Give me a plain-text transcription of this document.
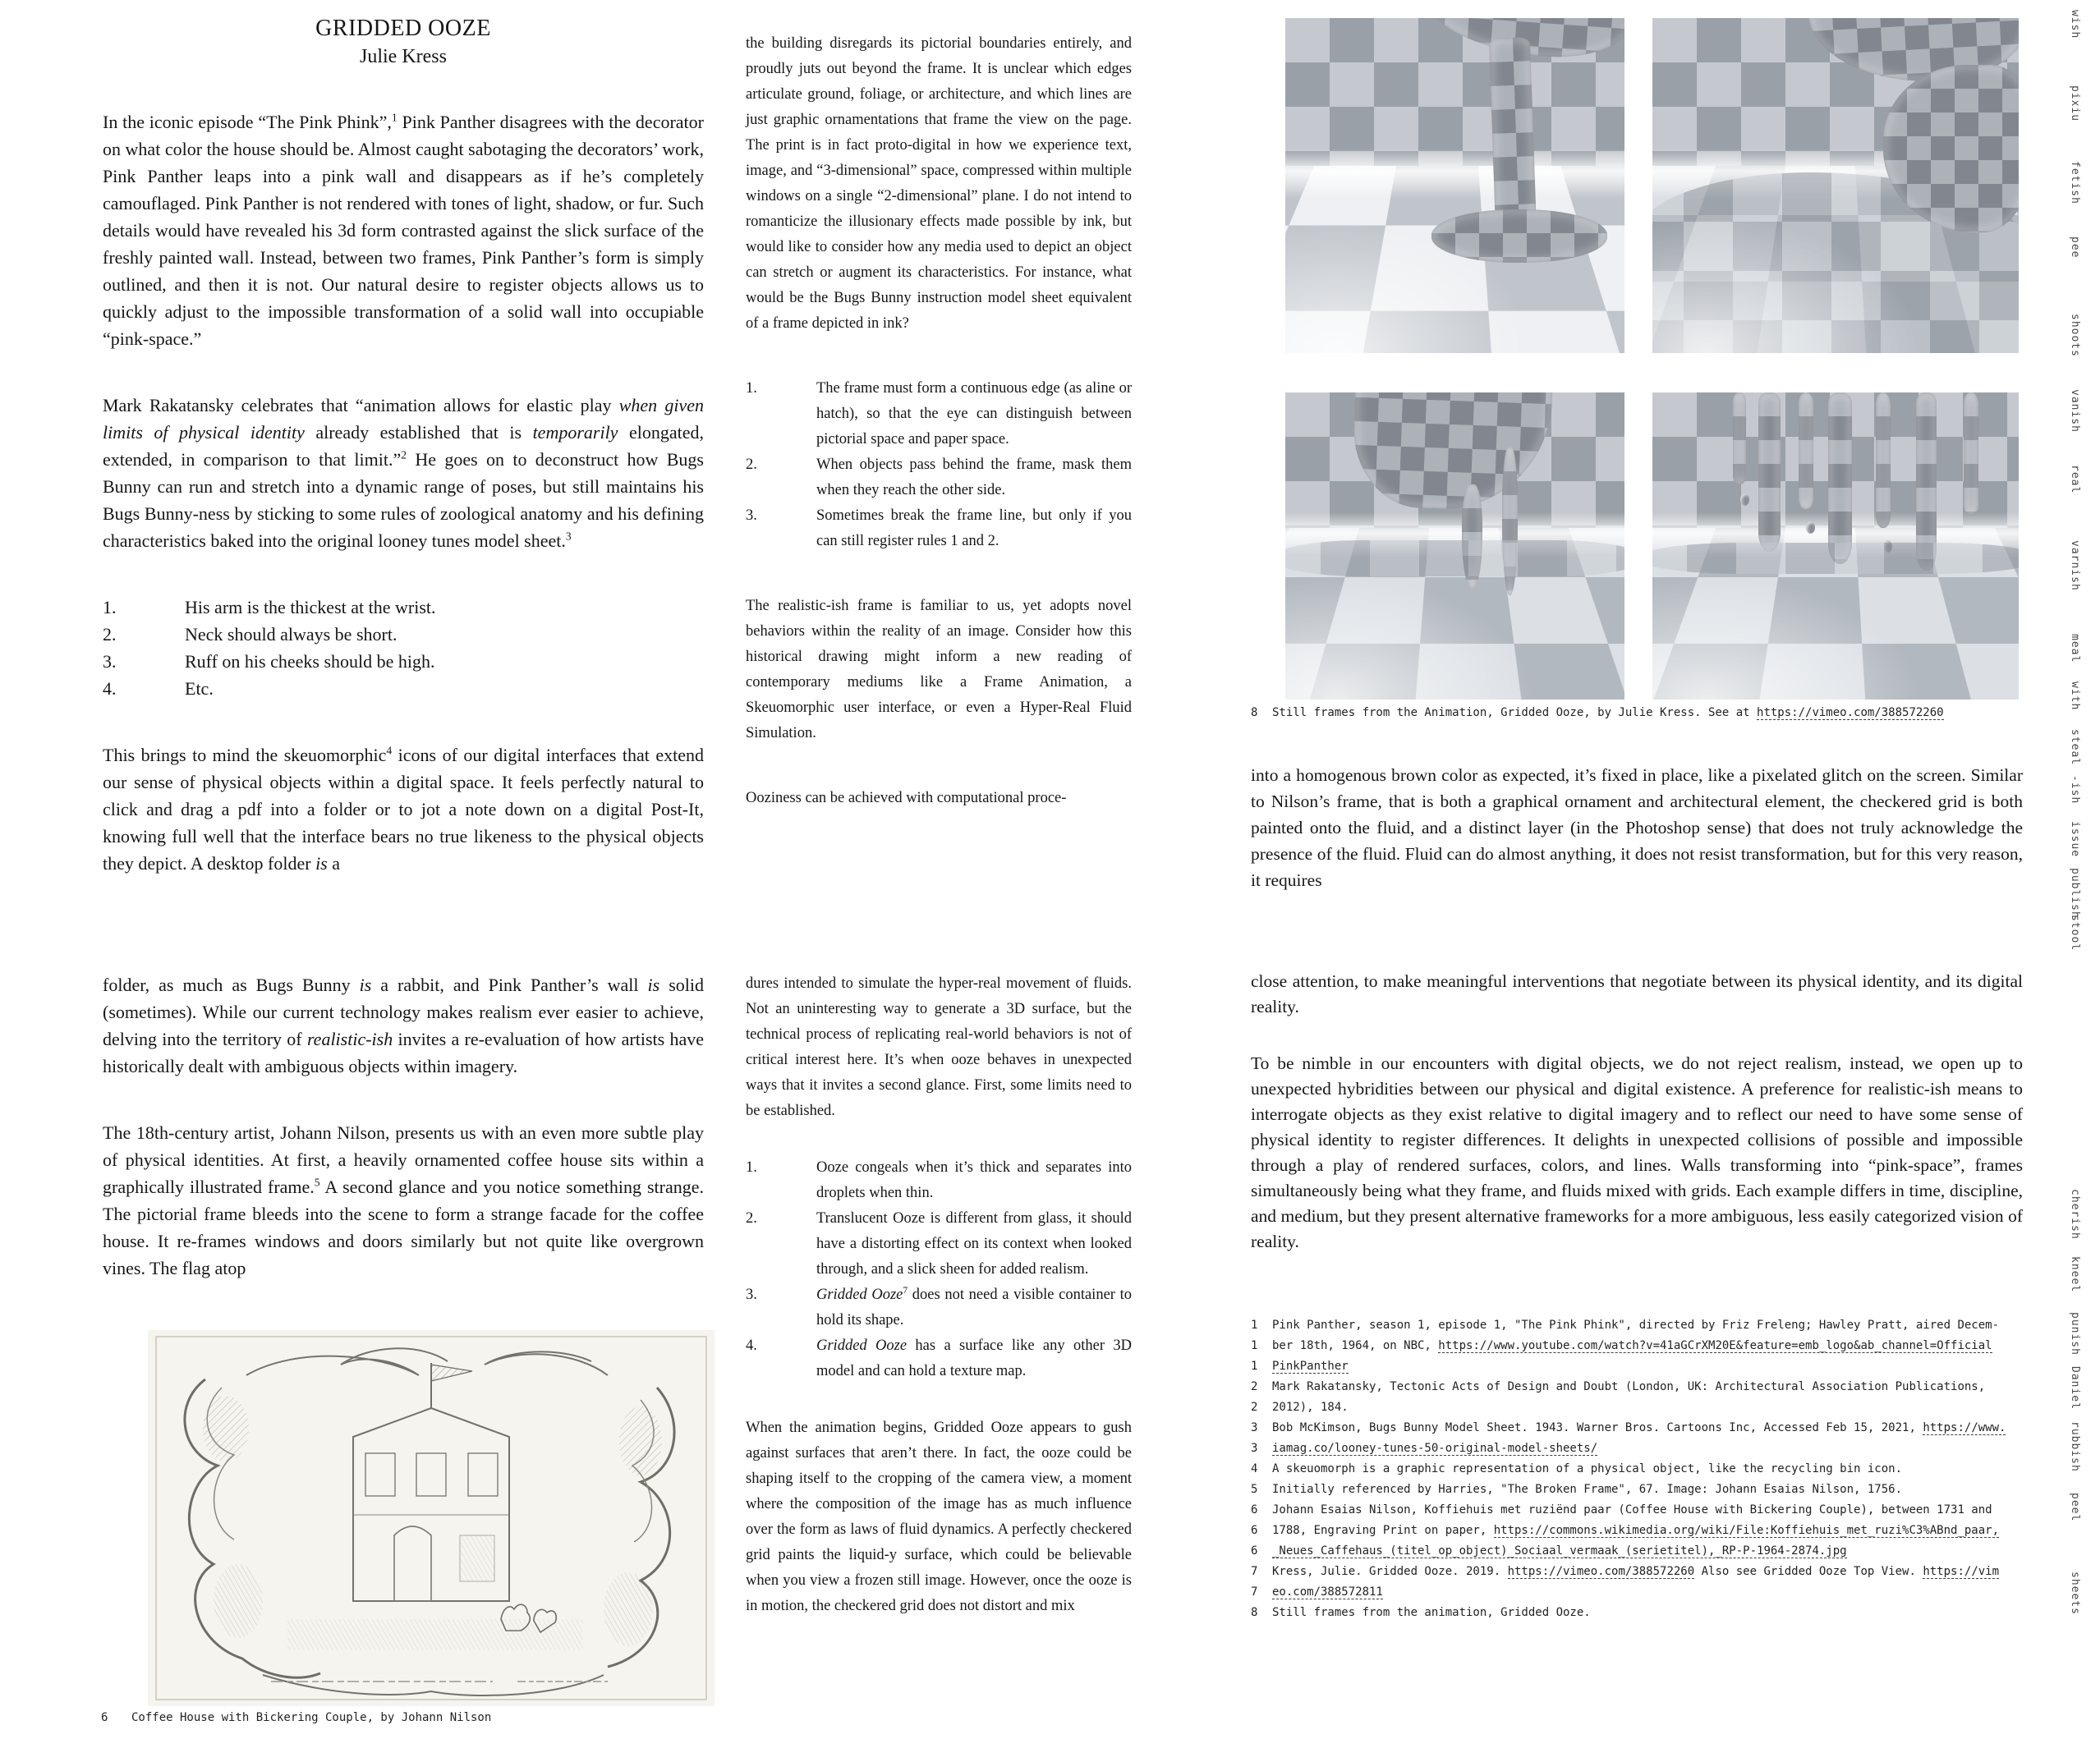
GRIDDED OOZE
Julie Kress

In the iconic episode “The Pink Phink”,$^1$ Pink Panther disagrees with the decorator on what color the house should be. Almost caught sabotaging the decorators’ work, Pink Panther leaps into a pink wall and disappears as if he’s completely camouflaged. Pink Panther is not rendered with tones of light, shadow, or fur. Such details would have revealed his 3d form contrasted against the slick surface of the freshly painted wall. Instead, between two frames, Pink Panther’s form is simply outlined, and then it is not. Our natural desire to register objects allows us to quickly adjust to the impossible transformation of a solid wall into occupiable “pink-space.”

Mark Rakatansky celebrates that “animation allows for elastic play when given limits of physical identity already established that is temporarily elongated, extended, in comparison to that limit.”$^2$ He goes on to deconstruct how Bugs Bunny can run and stretch into a dynamic range of poses, but still maintains his Bugs Bunny-ness by sticking to some rules of zoological anatomy and his defining characteristics baked into the original looney tunes model sheet.$^3$

1.	His arm is the thickest at the wrist.
2.	Neck should always be short.
3.	Ruff on his cheeks should be high.
4.	Etc.

This brings to mind the skeuomorphic$^4$ icons of our digital interfaces that extend our sense of physical objects within a digital space. It feels perfectly natural to click and drag a pdf into a folder or to jot a note down on a digital Post-It, knowing full well that the interface bears no true likeness to the physical objects they depict. A desktop folder is a

folder, as much as Bugs Bunny is a rabbit, and Pink Panther’s wall is solid (sometimes). While our current technology makes realism ever easier to achieve, delving into the territory of realistic-ish invites a re-evaluation of how artists have historically dealt with ambiguous objects within imagery.

The 18th-century artist, Johann Nilson, presents us with an even more subtle play of physical identities. At first, a heavily ornamented coffee house sits within a graphically illustrated frame.$^5$ A second glance and you notice something strange. The pictorial frame bleeds into the scene to form a strange facade for the coffee house. It re-frames windows and doors similarly but not quite like overgrown vines. The flag atop

6	Coffee House with Bickering Couple, by Johann Nilson

the building disregards its pictorial boundaries entirely, and proudly juts out beyond the frame. It is unclear which edges articulate ground, foliage, or architecture, and which lines are just graphic ornamentations that frame the view on the page. The print is in fact proto-digital in how we experience text, image, and “3-dimensional” space, compressed within multiple windows on a single “2-dimensional” plane. I do not intend to romanticize the illusionary effects made possible by ink, but would like to consider how any media used to depict an object can stretch or augment its characteristics. For instance, what would be the Bugs Bunny instruction model sheet equivalent of a frame depicted in ink?

1.	The frame must form a continuous edge (as aline or hatch), so that the eye can distinguish between pictorial space and paper space.
2.	When objects pass behind the frame, mask them when they reach the other side.
3.	Sometimes break the frame line, but only if you can still register rules 1 and 2.

The realistic-ish frame is familiar to us, yet adopts novel behaviors within the reality of an image. Consider how this historical drawing might inform a new reading of contemporary mediums like a Frame Animation, a Skeuomorphic user interface, or even a Hyper-Real Fluid Simulation.

Ooziness can be achieved with computational proce-

dures intended to simulate the hyper-real movement of fluids. Not an uninteresting way to generate a 3D surface, but the technical process of replicating real-world behaviors is not of critical interest here. It’s when ooze behaves in unexpected ways that it invites a second glance. First, some limits need to be established.

1.	Ooze congeals when it’s thick and separates into droplets when thin.
2.	Translucent Ooze is different from glass, it should have a distorting effect on its context when looked through, and a slick sheen for added realism.
3.	Gridded Ooze$^7$ does not need a visible container to hold its shape.
4.	Gridded Ooze has a surface like any other 3D model and can hold a texture map.

When the animation begins, Gridded Ooze appears to gush against surfaces that aren’t there. In fact, the ooze could be shaping itself to the cropping of the camera view, a moment where the composition of the image has as much influence over the form as laws of fluid dynamics. A perfectly checkered grid paints the liquid-y surface, which could be believable when you view a frozen still image. However, once the ooze is in motion, the checkered grid does not distort and mix

8	Still frames from the Animation, Gridded Ooze, by Julie Kress. See at https://vimeo.com/388572260

into a homogenous brown color as expected, it’s fixed in place, like a pixelated glitch on the screen. Similar to Nilson’s frame, that is both a graphical ornament and architectural element, the checkered grid is both painted onto the fluid, and a distinct layer (in the Photoshop sense) that does not truly acknowledge the presence of the fluid. Fluid can do almost anything, it does not resist transformation, but for this very reason, it requires

close attention, to make meaningful interventions that negotiate between its physical identity, and its digital reality.

To be nimble in our encounters with digital objects, we do not reject realism, instead, we open up to unexpected hybridities between our physical and digital existence. A preference for realistic-ish means to interrogate objects as they exist relative to digital imagery and to reflect our need to have some sense of physical identity to register differences. It delights in unexpected collisions of possible and impossible through a play of rendered surfaces, colors, and lines. Walls transforming into “pink-space”, frames simultaneously being what they frame, and fluids mixed with grids. Each example differs in time, discipline, and medium, but they present alternative frameworks for a more ambiguous, less easily categorized vision of reality.

1	Pink Panther, season 1, episode 1, "The Pink Phink", directed by Friz Freleng; Hawley Pratt, aired Decem-
1	ber 18th, 1964, on NBC, https://www.youtube.com/watch?v=41aGCrXM20E&feature=emb_logo&ab_channel=Official
1	PinkPanther
2	Mark Rakatansky, Tectonic Acts of Design and Doubt (London, UK: Architectural Association Publications,
2	2012), 184.
3	Bob McKimson, Bugs Bunny Model Sheet. 1943. Warner Bros. Cartoons Inc, Accessed Feb 15, 2021, https://www.
3	iamag.co/looney-tunes-50-original-model-sheets/
4	A skeuomorph is a graphic representation of a physical object, like the recycling bin icon.
5	Initially referenced by Harries, "The Broken Frame", 67. Image: Johann Esaias Nilson, 1756.
6	Johann Esaias Nilson, Koffiehuis met ruziënd paar (Coffee House with Bickering Couple), between 1731 and
6	1788, Engraving Print on paper, https://commons.wikimedia.org/wiki/File:Koffiehuis_met_ruzi%C3%ABnd_paar,
6	_Neues_Caffehaus_(titel_op_object)_Sociaal_vermaak_(serietitel),_RP-P-1964-2874.jpg
7	Kress, Julie. Gridded Ooze. 2019. https://vimeo.com/388572260 Also see Gridded Ooze Top View. https://vim
7	eo.com/388572811
8	Still frames from the animation, Gridded Ooze.
wish
pixiu
fetish
pee
shoots
vanish
real
varnish
meal
with
steal
-ish
issue
publish
stool
cherish
kneel
punish
Daniel
rubbish
peel
sheets
